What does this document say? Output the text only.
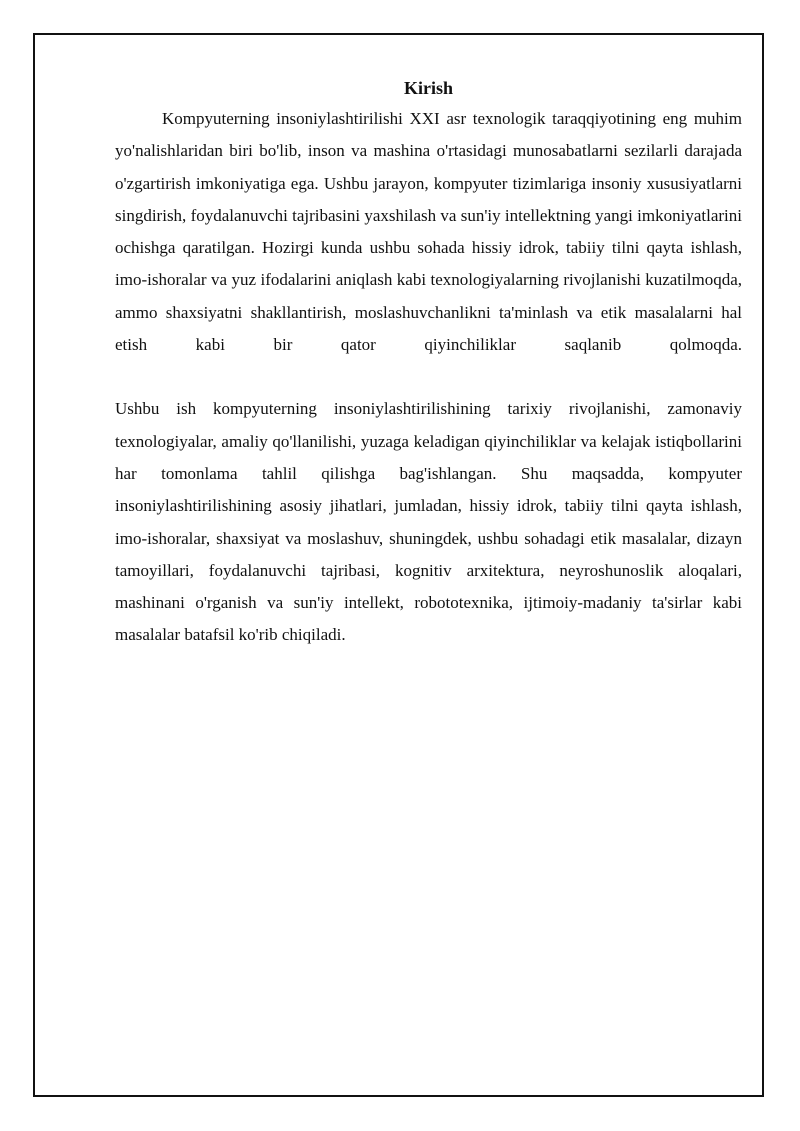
Kirish

Kompyuterning insoniylashtirilishi XXI asr texnologik taraqqiyotining eng muhim yo'nalishlaridan biri bo'lib, inson va mashina o'rtasidagi munosabatlarni sezilarli darajada o'zgartirish imkoniyatiga ega. Ushbu jarayon, kompyuter tizimlariga insoniy xususiyatlarni singdirish, foydalanuvchi tajribasini yaxshilash va sun'iy intellektning yangi imkoniyatlarini ochishga qaratilgan. Hozirgi kunda ushbu sohada hissiy idrok, tabiiy tilni qayta ishlash, imo-ishoralar va yuz ifodalarini aniqlash kabi texnologiyalarning rivojlanishi kuzatilmoqda, ammo shaxsiyatni shakllantirish, moslashuvchanlikni ta'minlash va etik masalalarni hal etish kabi bir qator qiyinchiliklar saqlanib qolmoqda.

Ushbu ish kompyuterning insoniylashtirilishining tarixiy rivojlanishi, zamonaviy texnologiyalar, amaliy qo'llanilishi, yuzaga keladigan qiyinchiliklar va kelajak istiqbollarini har tomonlama tahlil qilishga bag'ishlangan. Shu maqsadda, kompyuter insoniylashtirilishining asosiy jihatlari, jumladan, hissiy idrok, tabiiy tilni qayta ishlash, imo-ishoralar, shaxsiyat va moslashuv, shuningdek, ushbu sohadagi etik masalalar, dizayn tamoyillari, foydalanuvchi tajribasi, kognitiv arxitektura, neyroshunoslik aloqalari, mashinani o'rganish va sun'iy intellekt, robototexnika, ijtimoiy-madaniy ta'sirlar kabi masalalar batafsil ko'rib chiqiladi.
